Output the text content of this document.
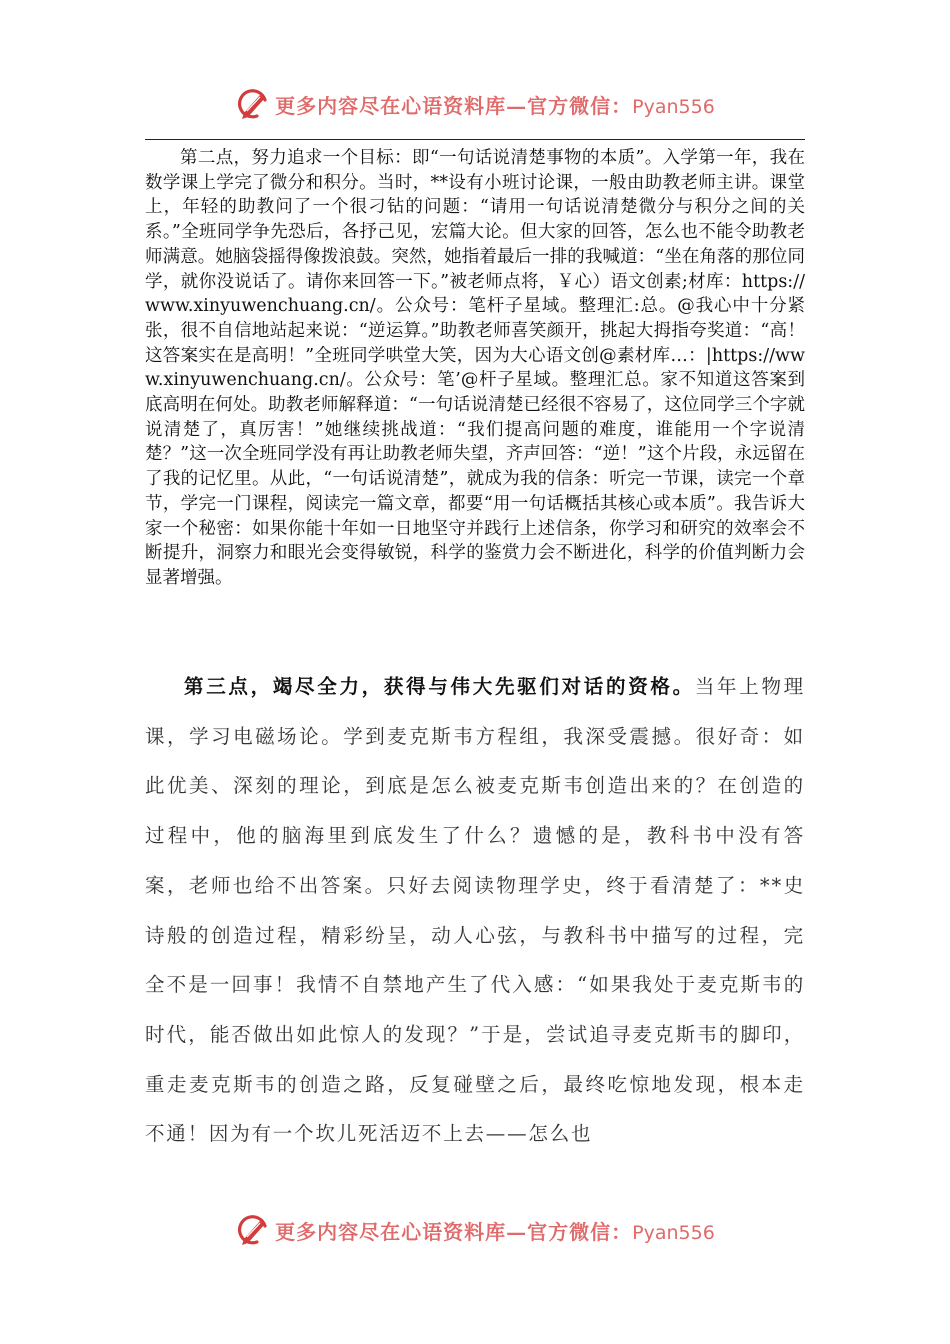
更多内容尽在心语资料库—官方微信：Pyan556

第二点，努力追求一个目标：即“一句话说清楚事物的本质”。入学第一年，我在数学课上学完了微分和积分。当时，**设有小班讨论课，一般由助教老师主讲。课堂上，年轻的助教问了一个很刁钻的问题：“请用一句话说清楚微分与积分之间的关系。”全班同学争先恐后，各抒己见，宏篇大论。但大家的回答，怎么也不能令助教老师满意。她脑袋摇得像拨浪鼓。突然，她指着最后一排的我喊道：“坐在角落的那位同学，就你没说话了。请你来回答一下。”被老师点将，￥心）语文创素;材库：https:// www.xinyuwenchuang.cn/。公众号：笔杆子星域。整理汇:总。@我心中十分紧张，很不自信地站起来说：“逆运算。”助教老师喜笑颜开，挑起大拇指夸奖道：“高！这答案实在是高明！”全班同学哄堂大笑，因为大心语文创@素材库…：|https://www.xinyuwenchuang.cn/。公众号：笔’@杆子星域。整理汇总。家不知道这答案到底高明在何处。助教老师解释道：“一句话说清楚已经很不容易了，这位同学三个字就说清楚了，真厉害！”她继续挑战道：“我们提高问题的难度，谁能用一个字说清楚？”这一次全班同学没有再让助教老师失望，齐声回答：“逆！”这个片段，永远留在了我的记忆里。从此，“一句话说清楚”，就成为我的信条：听完一节课，读完一个章节，学完一门课程，阅读完一篇文章，都要“用一句话概括其核心或本质”。我告诉大家一个秘密：如果你能十年如一日地坚守并践行上述信条，你学习和研究的效率会不断提升，洞察力和眼光会变得敏锐，科学的鉴赏力会不断进化，科学的价值判断力会显著增强。

第三点，竭尽全力，获得与伟大先驱们对话的资格。当年上物理课，学习电磁场论。学到麦克斯韦方程组，我深受震撼。很好奇：如此优美、深刻的理论，到底是怎么被麦克斯韦创造出来的？在创造的过程中，他的脑海里到底发生了什么？遗憾的是，教科书中没有答案，老师也给不出答案。只好去阅读物理学史，终于看清楚了：**史诗般的创造过程，精彩纷呈，动人心弦，与教科书中描写的过程，完全不是一回事！我情不自禁地产生了代入感：“如果我处于麦克斯韦的时代，能否做出如此惊人的发现？”于是，尝试追寻麦克斯韦的脚印，重走麦克斯韦的创造之路，反复碰壁之后，最终吃惊地发现，根本走不通！因为有一个坎儿死活迈不上去——怎么也

更多内容尽在心语资料库—官方微信：Pyan556
